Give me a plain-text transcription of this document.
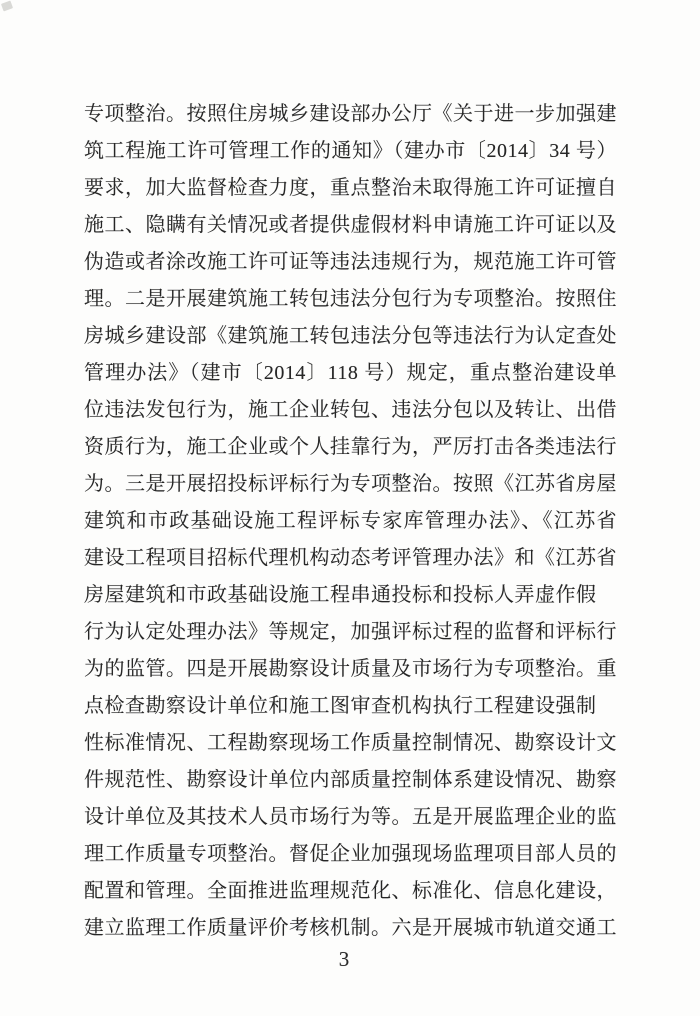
专项整治。按照住房城乡建设部办公厅《关于进一步加强建
筑工程施工许可管理工作的通知》（建办市〔2014〕34 号）
要求，加大监督检查力度，重点整治未取得施工许可证擅自
施工、隐瞒有关情况或者提供虚假材料申请施工许可证以及
伪造或者涂改施工许可证等违法违规行为，规范施工许可管
理。二是开展建筑施工转包违法分包行为专项整治。按照住
房城乡建设部《建筑施工转包违法分包等违法行为认定查处
管理办法》（建市〔2014〕118 号）规定，重点整治建设单
位违法发包行为，施工企业转包、违法分包以及转让、出借
资质行为，施工企业或个人挂靠行为，严厉打击各类违法行
为。三是开展招投标评标行为专项整治。按照《江苏省房屋
建筑和市政基础设施工程评标专家库管理办法》、《江苏省
建设工程项目招标代理机构动态考评管理办法》和《江苏省
房屋建筑和市政基础设施工程串通投标和投标人弄虚作假
行为认定处理办法》等规定，加强评标过程的监督和评标行
为的监管。四是开展勘察设计质量及市场行为专项整治。重
点检查勘察设计单位和施工图审查机构执行工程建设强制
性标准情况、工程勘察现场工作质量控制情况、勘察设计文
件规范性、勘察设计单位内部质量控制体系建设情况、勘察
设计单位及其技术人员市场行为等。五是开展监理企业的监
理工作质量专项整治。督促企业加强现场监理项目部人员的
配置和管理。全面推进监理规范化、标准化、信息化建设，
建立监理工作质量评价考核机制。六是开展城市轨道交通工
3
